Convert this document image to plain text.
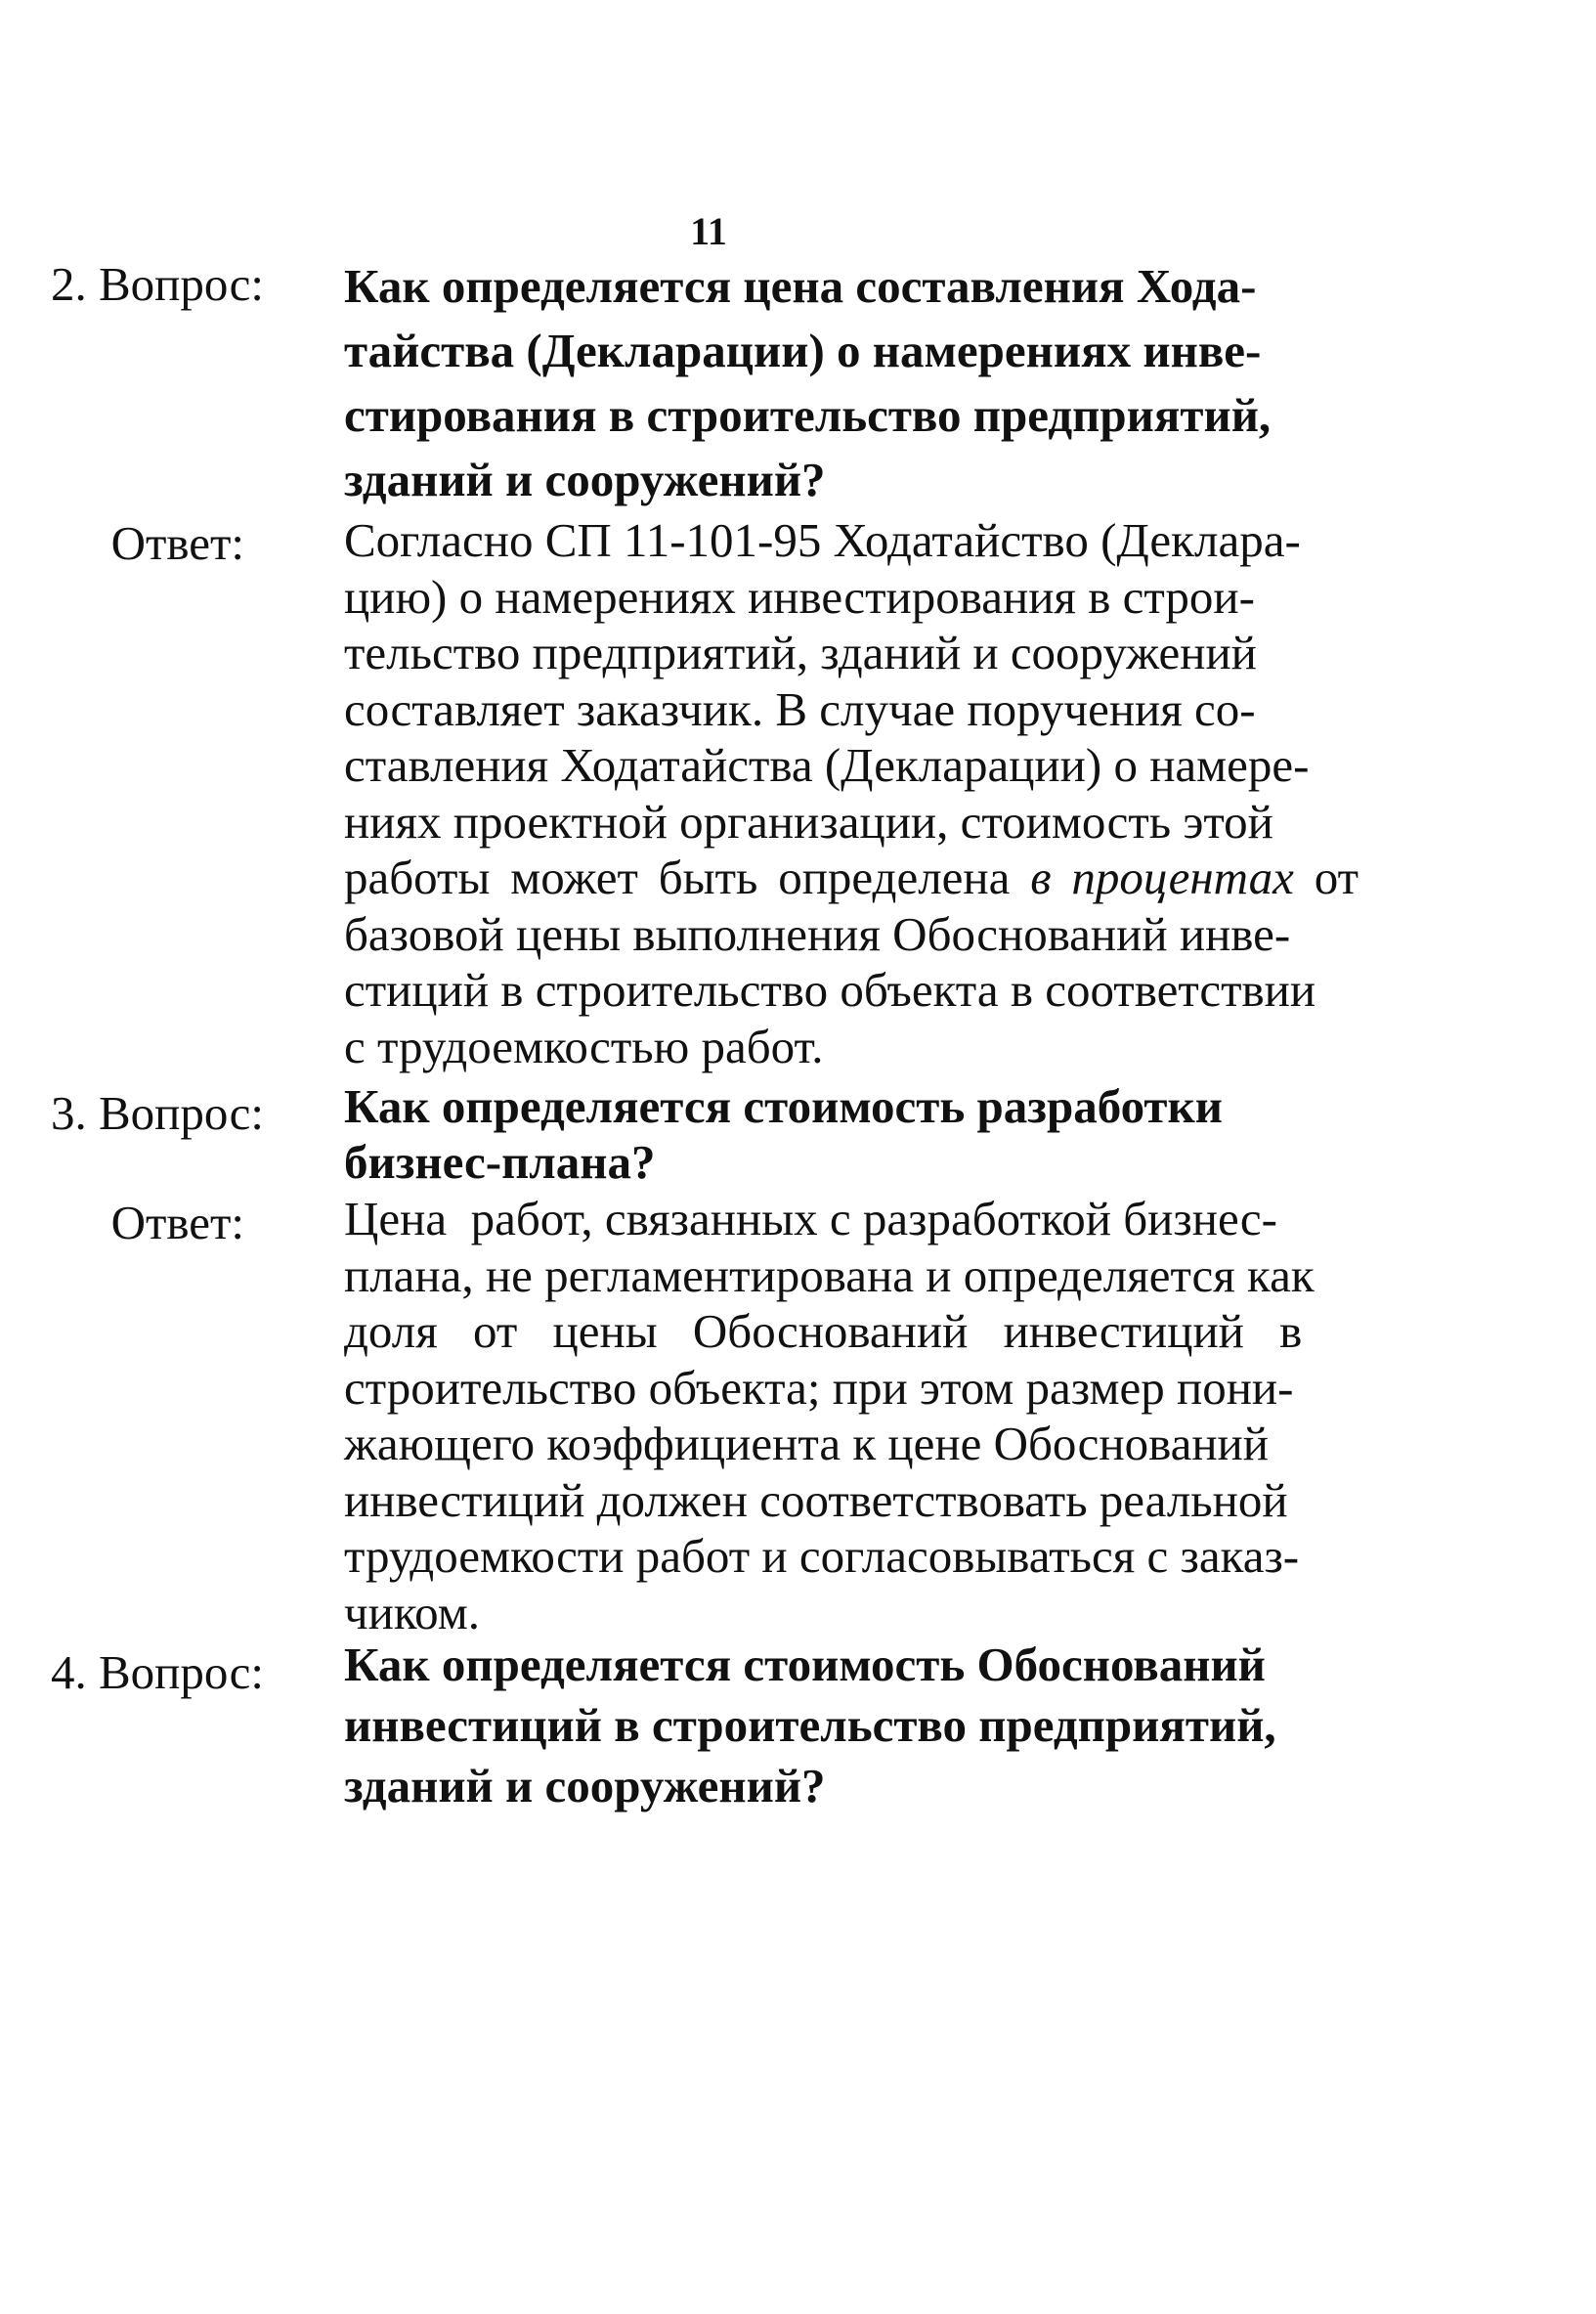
11
2. Вопрос: Как определяется цена составления Хода-
тайства (Декларации) о намерениях инве-
стирования в строительство предприятий,
зданий и сооружений?
Ответ: Согласно СП 11-101-95 Ходатайство (Деклара-
цию) о намерениях инвестирования в строи-
тельство предприятий, зданий и сооружений
составляет заказчик. В случае поручения со-
ставления Ходатайства (Декларации) о намере-
ниях проектной организации, стоимость этой
работы может быть определена в процентах от
базовой цены выполнения Обоснований инве-
стиций в строительство объекта в соответствии
с трудоемкостью работ.
3. Вопрос: Как определяется стоимость разработки
бизнес-плана?
Ответ: Цена  работ, связанных с разработкой бизнес-
плана, не регламентирована и определяется как
доля от цены Обоснований инвестиций в
строительство объекта; при этом размер пони-
жающего коэффициента к цене Обоснований
инвестиций должен соответствовать реальной
трудоемкости работ и согласовываться с заказ-
чиком.
4. Вопрос: Как определяется стоимость Обоснований
инвестиций в строительство предприятий,
зданий и сооружений?
